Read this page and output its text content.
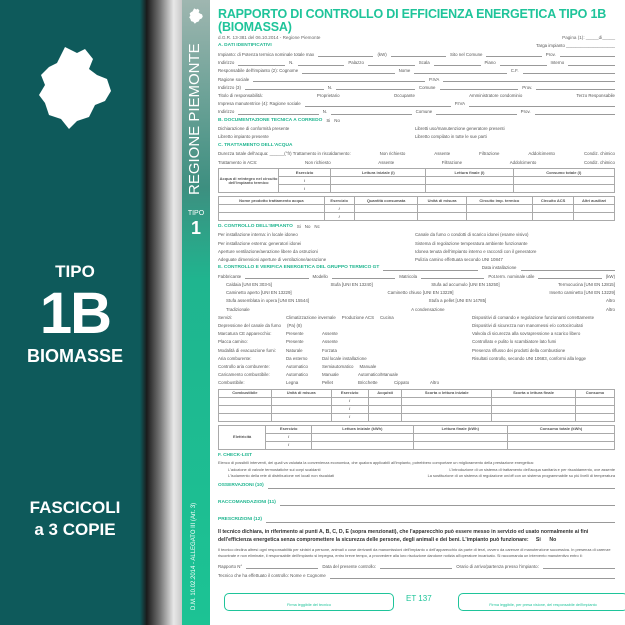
TIPO
1B
BIOMASSE
FASCICOLI
a 3 COPIE
REGIONE PIEMONTE
TIPO
1
D.M. 10.02.2014 - ALLEGATO III (Art. 3)
RAPPORTO DI CONTROLLO DI EFFICIENZA ENERGETICA TIPO 1B (BIOMASSA)
d.G.R. 13-381 del 06.10.2014 - Regione Piemonte	Pagina (1): _____di_____
A. DATI IDENTIFICATIVI	Targa impianto ____________________
Impianto: di Potenza termica nominale totale max	(kW)	Sito nel Comune	Prov.
Indirizzo	N.	Palazzo	Scala	Piano	Interno
Responsabile dell'impianto (2): Cognome	Nome	C.F.
Ragione sociale	P.IVA
Indirizzo (3)	N.	Comune	Prov.
Titolo di responsabilità:	Proprietario	Occupante	Amministratore condominio	Terzo Responsabile
Impresa manutentrice (4): Ragione sociale	P.IVA
Indirizzo	N.	Comune	Prov.
B. DOCUMENTAZIONE TECNICA A CORREDO Si No
Dichiarazione di conformità presente	Libretti uso/manutenzione generatore presenti
Libretto impianto presente	Libretto compilato in tutte le sue parti
C. TRATTAMENTO DELL'ACQUA
Durezza totale dell'acqua: ______(°fr) Trattamento in riscaldamento:	Non richiesto	Assente	Filtrazione	Addolcimento	Condiz. chimico
Trattamento in ACS:	Non richiesto	Assente	Filtrazione	Addolcimento	Condiz. chimico
Acqua di reintegro nel circuito dell'impianto termico	Esercizio	Lettura iniziale (l)	Lettura finale (l)	Consumo totale (l)
	/			
	/			
Nome prodotto trattamento acqua	Esercizio	Quantità consumata	Unità di misura	Circuito imp. termico	Circuito ACS	Altri ausiliari
	/					
	/					
D. CONTROLLO DELL'IMPIANTO Si No Nc
Per installazione interna: in locale idoneo	Canale da fumo o condotti di scarico idonei (esame visivo)
Per installazione esterna: generatori idonei	Sistema di regolazione temperatura ambiente funzionante
Aperture ventilazione/aerazione libere da ostruzioni	Idonea tenuta dell'impianto interno e raccordi con il generatore
Adeguate dimensioni aperture di ventilazione/aerazione	Pulizia camino effettuata secondo UNI 10847
E. CONTROLLO E VERIFICA ENERGETICA DEL GRUPPO TERMICO GT	Data installazione
Fabbricante	Modello	Matricola	Pot.term. nominale utile	(kW)
Caldaia [UNI EN 303-5]	Stufa [UNI EN 13240]	Stufa ad accumulo [UNI EN 15250]	Termocucina [UNI EN 12815]
Caminetto aperto [UNI EN 13229]	Caminetto chiuso [UNI EN 13229]	Inserto caminetto [UNI EN 13229]
Stufa assemblata in opera [UNI EN 15544]	Stufa a pellet [UNI EN 14785]	Altro
Tradizionale	A condensazione	Altro
Servizi:	Climatizzazione invernale Produzione ACS Cucina
Depressione del canale da fumo (Pa) (8)
Marcatura CE apparecchio:	Presente	Assente
Placca camino:	Presente	Assente
Modalità di evacuazione fumi:	Naturale	Forzata
Aria comburente:	Da esterno	Dal locale installazione
Controllo aria comburente:	Automatico	Semiautomatico Manuale
Caricamento combustibile:	Automatico	Manuale	Automatico/Manuale
Combustibile:	Legna	Pellet	Bricchette	Cippato	Altro
Dispositivi di comando e regolazione funzionanti correttamente
Dispositivi di sicurezza non manomessi e/o cortocircuitati
Valvola di sicurezza alla sovrapressione a scarico libero
Controllato e pulito lo scambiatore lato fumi
Presenza riflusso dei prodotti della combustione
Risultati controllo, secondo UNI 10683, conformi alla legge
Combustibile	Unità di misura	Esercizio	Acquisti	Scorta o lettura iniziale	Scorta o lettura finale	Consumo
		/				
		/				
		/				
Elettricità	Esercizio	Lettura iniziale (kWh)	Lettura finale (kWh)	Consumo totale (kWh)
	/			
	/			
F. CHECK-LIST
Elenco di possibili interventi, dei quali va valutata la convenienza economica, che qualora applicabili all'impianto, potrebbero comportare un miglioramento della prestazione energetica:
L'adozione di valvole termostatiche sui corpi scaldanti	L'introduzione di un sistema di trattamento dell'acqua sanitaria e per riscaldamento, ove assente
L'isolamento della rete di distribuzione nei locali non riscaldati	La sostituzione di un sistema di regolazione on/off con un sistema programmabile su più livelli di temperatura
OSSERVAZIONI (10)
RACCOMANDAZIONI (11)
PRESCRIZIONI (12)
Il tecnico dichiara, in riferimento ai punti A, B, C, D, E (sopra menzionati), che l'apparecchio può essere messo in servizio ed usato normalmente ai fini dell'efficienza energetica senza compromettere la sicurezza delle persone, degli animali e dei beni. L'impianto può funzionare: Si No
Il tecnico declina altresì ogni responsabilità per sinistri a persone, animali o cose derivanti da manomissioni dell'impianto o dell'apparecchio da parte di terzi, ovvero da carenze di manutenzione successiva. In presenza di carenze riscontrate e non eliminate, il responsabile dell'impianto si impegna, entro breve tempo, a provvedere alla loro risoluzione dandone notizia all'operatore incaricato. Si raccomanda un intervento manutentivo entro il:
Rapporto N°	Data del presente controllo:	Orario di arrivo/partenza presso l'impianto:
Tecnico che ha effettuato il controllo: Nome e Cognome
Firma leggibile del tecnico
ET 137
Firma leggibile, per presa visione, del responsabile dell'impianto
